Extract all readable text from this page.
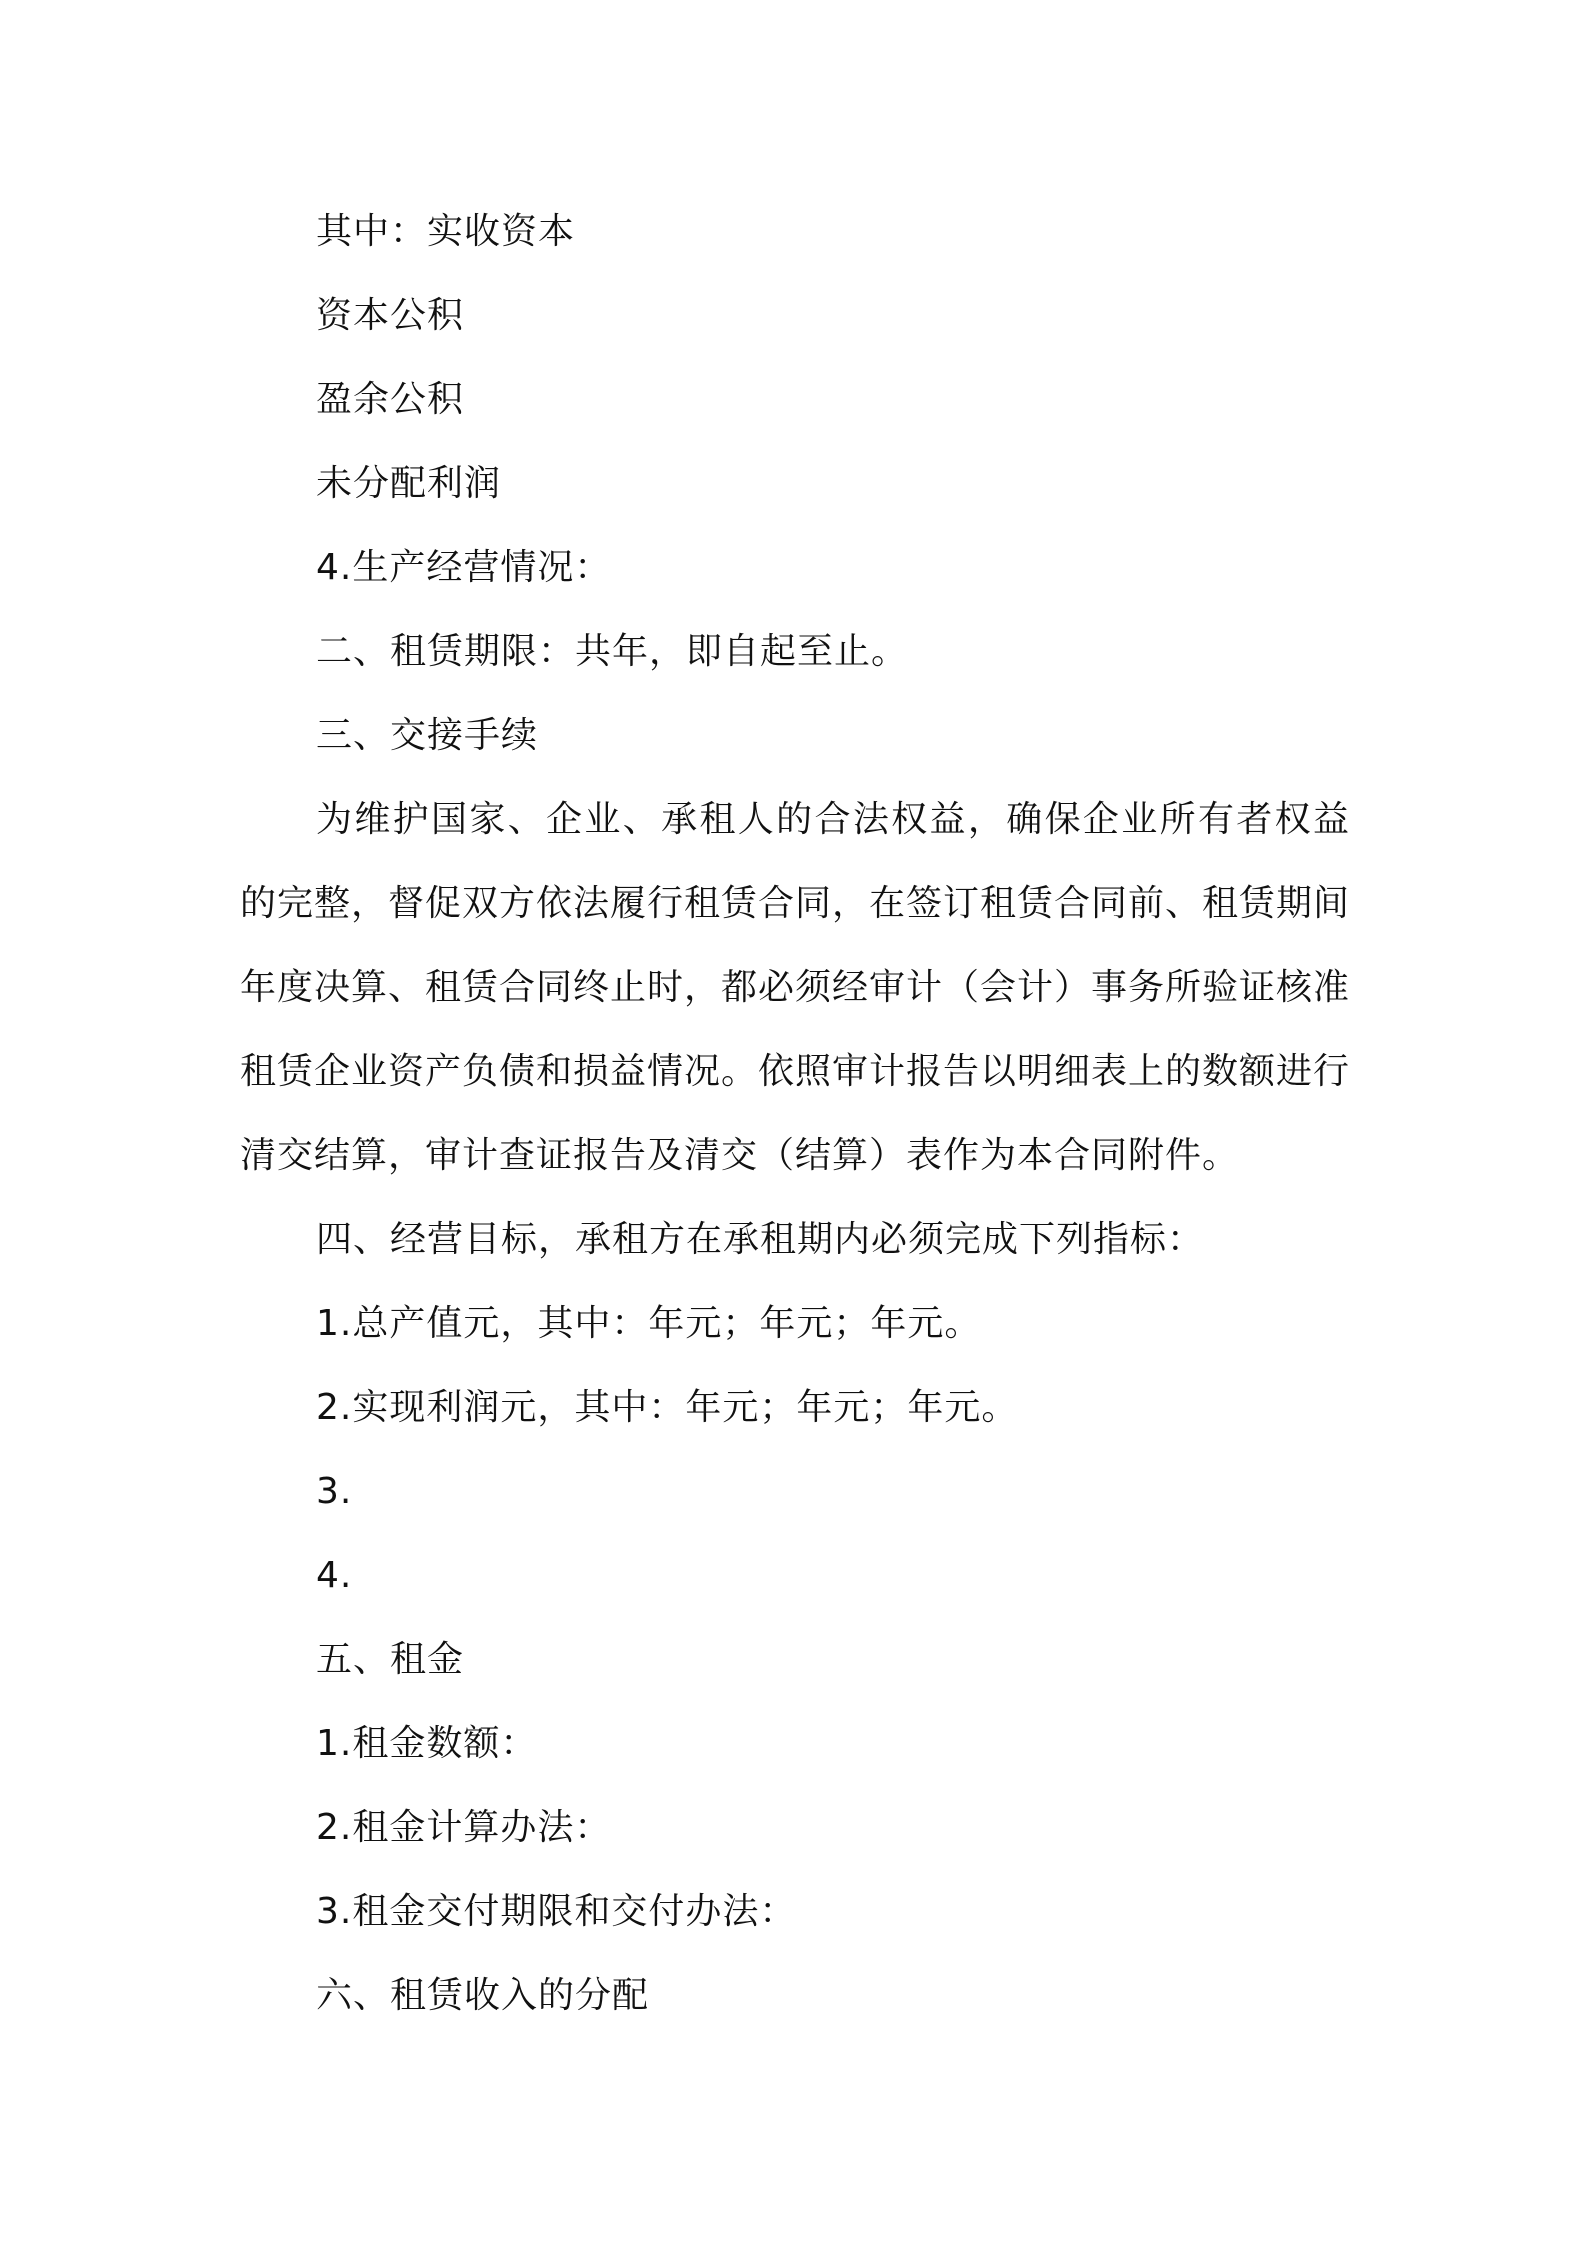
其中：实收资本
资本公积
盈余公积
未分配利润
4.生产经营情况：
二、租赁期限：共年，即自起至止。
三、交接手续
为维护国家、企业、承租人的合法权益，确保企业所有者权益的完整，督促双方依法履行租赁合同，在签订租赁合同前、租赁期间年度决算、租赁合同终止时，都必须经审计（会计）事务所验证核准租赁企业资产负债和损益情况。依照审计报告以明细表上的数额进行清交结算，审计查证报告及清交（结算）表作为本合同附件。
四、经营目标，承租方在承租期内必须完成下列指标：
1.总产值元，其中：年元；年元；年元。
2.实现利润元，其中：年元；年元；年元。
3.
4.
五、租金
1.租金数额：
2.租金计算办法：
3.租金交付期限和交付办法：
六、租赁收入的分配
